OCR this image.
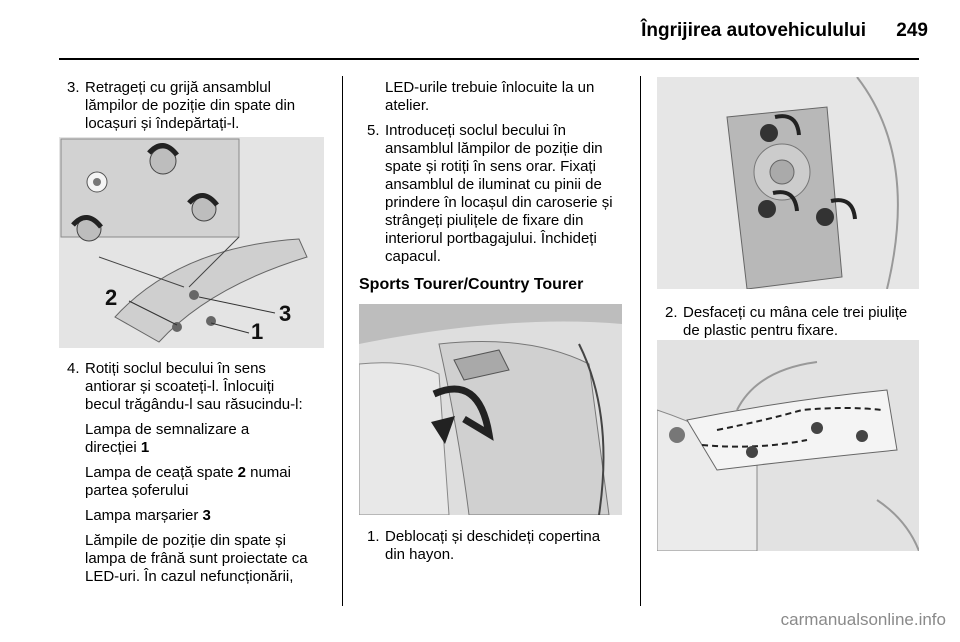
Îngrijirea autovehiculului	249
3. Retrageți cu grijă ansamblul
lămpilor de poziție din spate din
locașuri și îndepărtați-l.
2
3
1
4. Rotiți soclul becului în sens
antiorar și scoateți-l. Înlocuiți
becul trăgându-l sau răsucindu-l:
Lampa de semnalizare a
direcției 1
Lampa de ceață spate 2 numai
partea șoferului
Lampa marșarier 3
Lămpile de poziție din spate și
lampa de frână sunt proiectate ca
LED-uri. În cazul nefuncționării,
LED-urile trebuie înlocuite la un
atelier.
5. Introduceți soclul becului în
ansamblul lămpilor de poziție din
spate și rotiți în sens orar. Fixați
ansamblul de iluminat cu pinii de
prindere în locașul din caroserie și
strângeți piulițele de fixare din
interiorul portbagajului. Închideți
capacul.
Sports Tourer/Country Tourer
1. Deblocați și deschideți copertina
din hayon.
2. Desfaceți cu mâna cele trei piulițe
de plastic pentru fixare.
carmanualsonline.info
